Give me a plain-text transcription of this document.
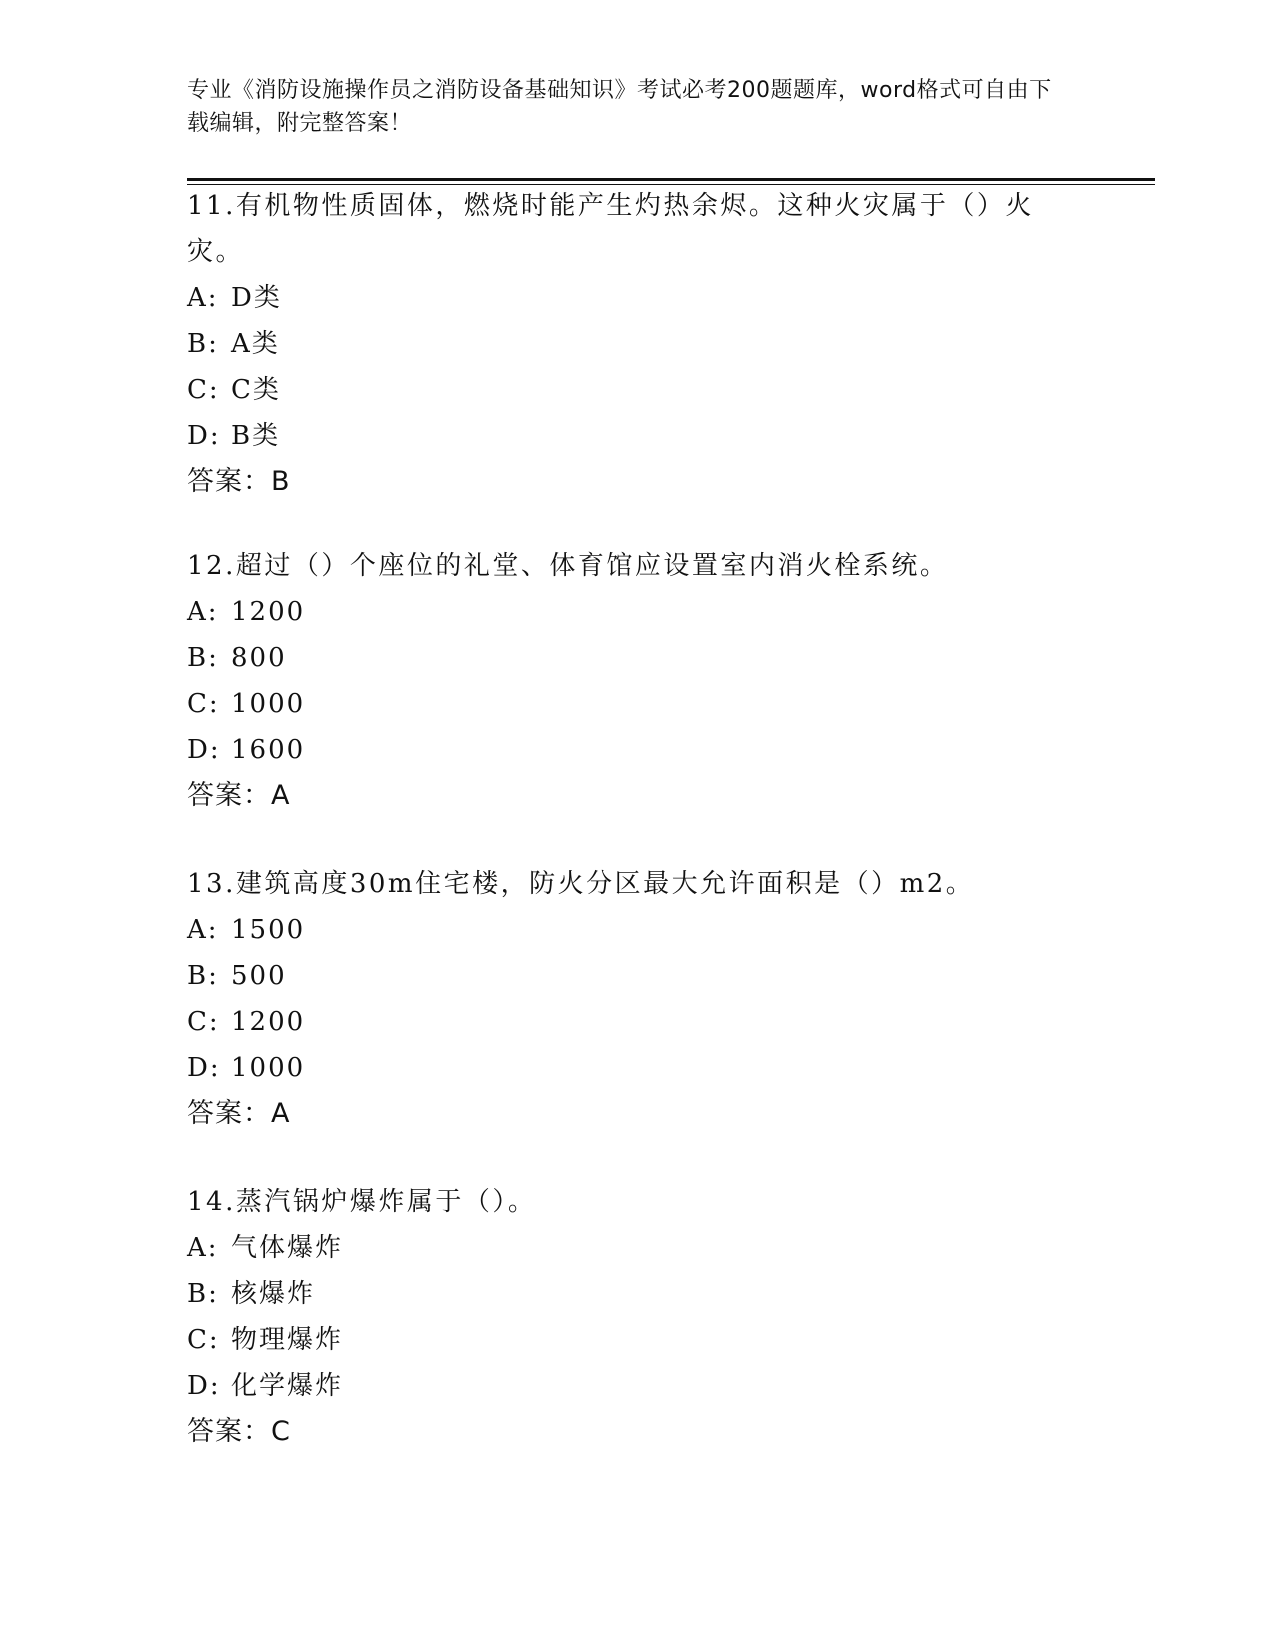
专业《消防设施操作员之消防设备基础知识》考试必考200题题库，word格式可自由下载编辑，附完整答案！
11.有机物性质固体，燃烧时能产生灼热余烬。这种火灾属于（）火灾。
A: D类
B: A类
C: C类
D: B类
答案：B
12.超过（）个座位的礼堂、体育馆应设置室内消火栓系统。
A: 1200
B: 800
C: 1000
D: 1600
答案：A
13.建筑高度30m住宅楼，防火分区最大允许面积是（）m2。
A: 1500
B: 500
C: 1200
D: 1000
答案：A
14.蒸汽锅炉爆炸属于（）。
A: 气体爆炸
B: 核爆炸
C: 物理爆炸
D: 化学爆炸
答案：C
